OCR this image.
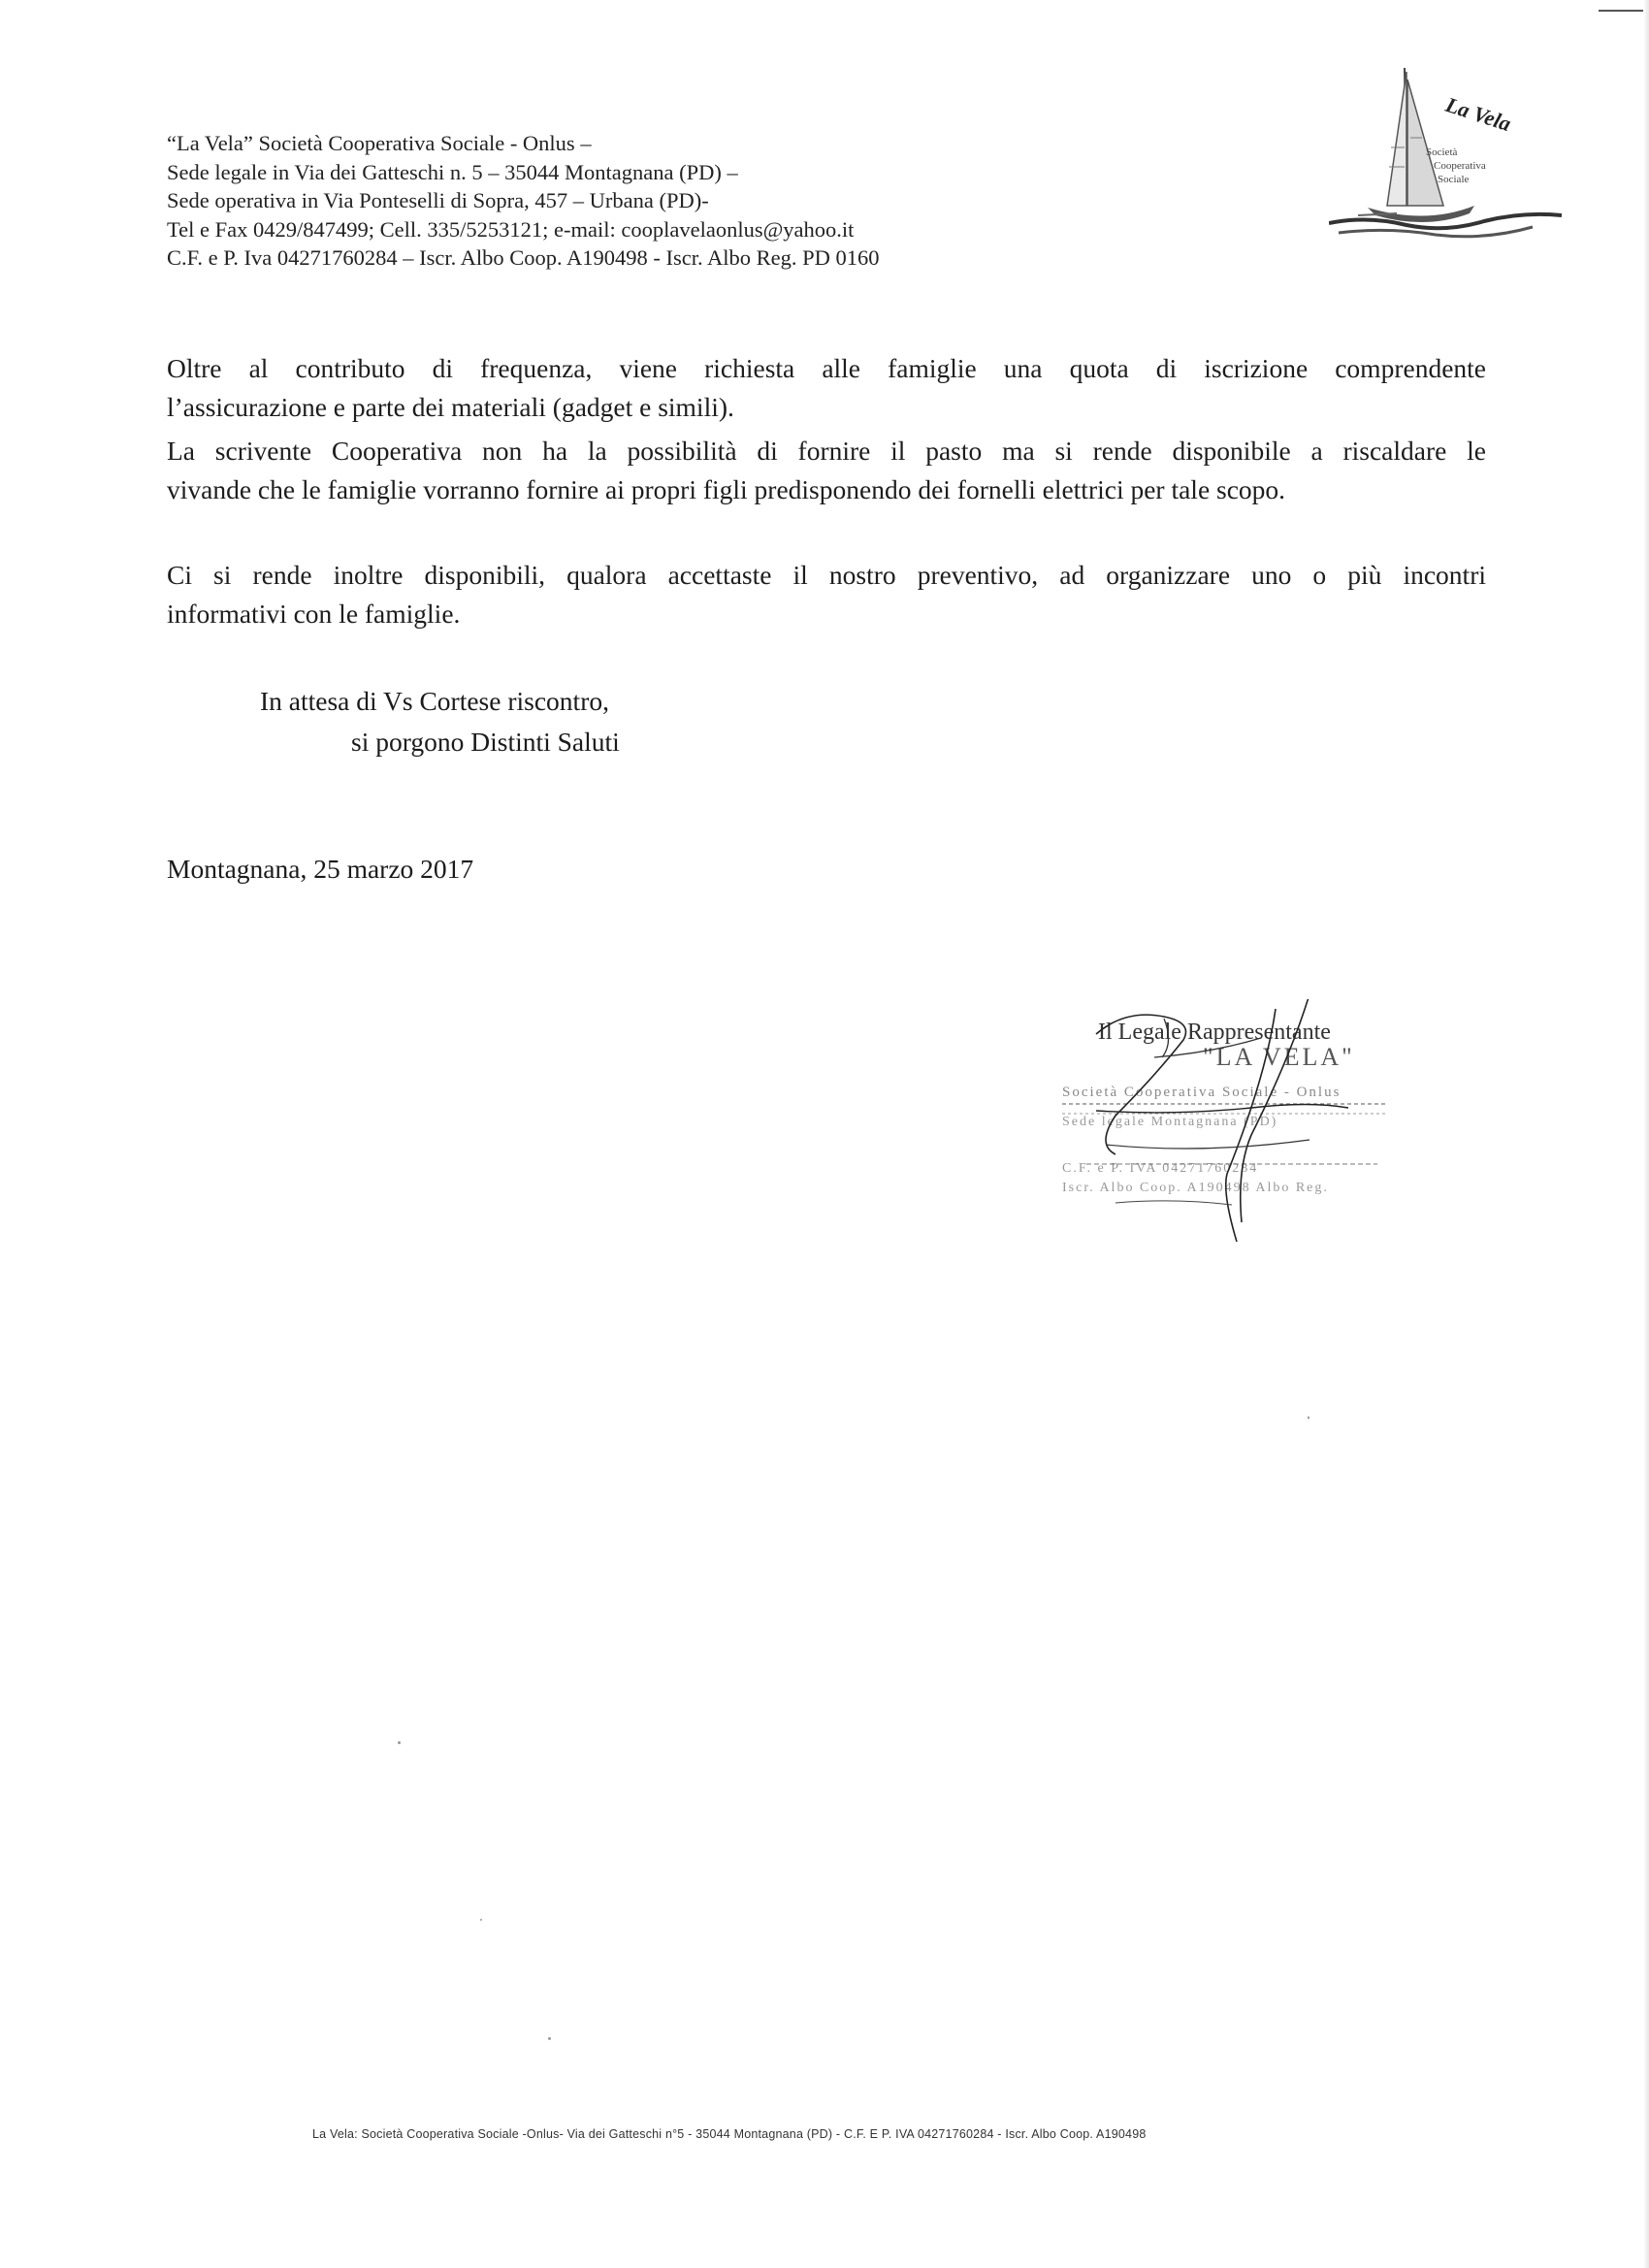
“La Vela” Società Cooperativa Sociale - Onlus –
Sede legale in Via dei Gatteschi n. 5 – 35044 Montagnana (PD) –
Sede operativa in Via Ponteselli di Sopra, 457 – Urbana (PD)-
Tel e Fax 0429/847499; Cell. 335/5253121; e-mail: cooplavelaonlus@yahoo.it
C.F. e P. Iva 04271760284 – Iscr. Albo Coop. A190498 - Iscr. Albo Reg. PD 0160
La Vela
Società
Cooperativa
Sociale
Oltre al contributo di frequenza, viene richiesta alle famiglie una quota di iscrizione comprendente
l’assicurazione e parte dei materiali (gadget e simili).
La scrivente Cooperativa non ha la possibilità di fornire il pasto ma si rende disponibile a riscaldare le
vivande che le famiglie vorranno fornire ai propri figli predisponendo dei fornelli elettrici per tale scopo.
Ci si rende inoltre disponibili, qualora accettaste il nostro preventivo, ad organizzare uno o più incontri
informativi con le famiglie.
In attesa di Vs Cortese riscontro,
si porgono Distinti Saluti
Montagnana, 25 marzo 2017
Il Legale Rappresentante
"LA VELA"
Società Cooperativa Sociale - Onlus
Sede legale Montagnana (PD)
C.F. e P. IVA 04271760284
Iscr. Albo Coop. A190498 Albo Reg.
La Vela: Società Cooperativa Sociale -Onlus- Via dei Gatteschi n°5 - 35044 Montagnana (PD) - C.F. E P. IVA 04271760284 - Iscr. Albo Coop. A190498
